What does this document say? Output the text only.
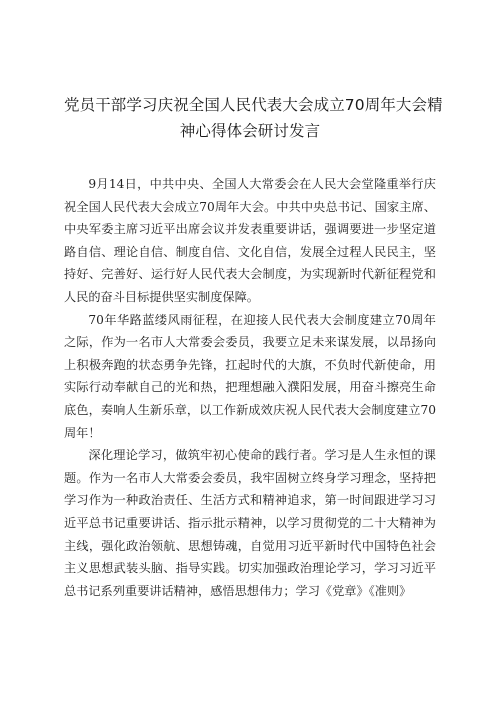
党员干部学习庆祝全国人民代表大会成立70周年大会精
神心得体会研讨发言

9月14日，中共中央、全国人大常委会在人民大会堂隆重举行庆祝全国人民代表大会成立70周年大会。中共中央总书记、国家主席、中央军委主席习近平出席会议并发表重要讲话，强调要进一步坚定道路自信、理论自信、制度自信、文化自信，发展全过程人民民主，坚持好、完善好、运行好人民代表大会制度，为实现新时代新征程党和人民的奋斗目标提供坚实制度保障。

70年华路蓝缕风雨征程，在迎接人民代表大会制度建立70周年之际，作为一名市人大常委会委员，我要立足未来谋发展，以昂扬向上积极奔跑的状态勇争先锋，扛起时代的大旗，不负时代新使命，用实际行动奉献自己的光和热，把理想融入濮阳发展，用奋斗擦亮生命底色，奏响人生新乐章，以工作新成效庆祝人民代表大会制度建立70周年！

深化理论学习，做筑牢初心使命的践行者。学习是人生永恒的课题。作为一名市人大常委会委员，我牢固树立终身学习理念，坚持把学习作为一种政治责任、生活方式和精神追求，第一时间跟进学习习近平总书记重要讲话、指示批示精神，以学习贯彻党的二十大精神为主线，强化政治领航、思想铸魂，自觉用习近平新时代中国特色社会主义思想武装头脑、指导实践。切实加强政治理论学习，学习习近平总书记系列重要讲话精神，感悟思想伟力；学习《党章》《准则》
